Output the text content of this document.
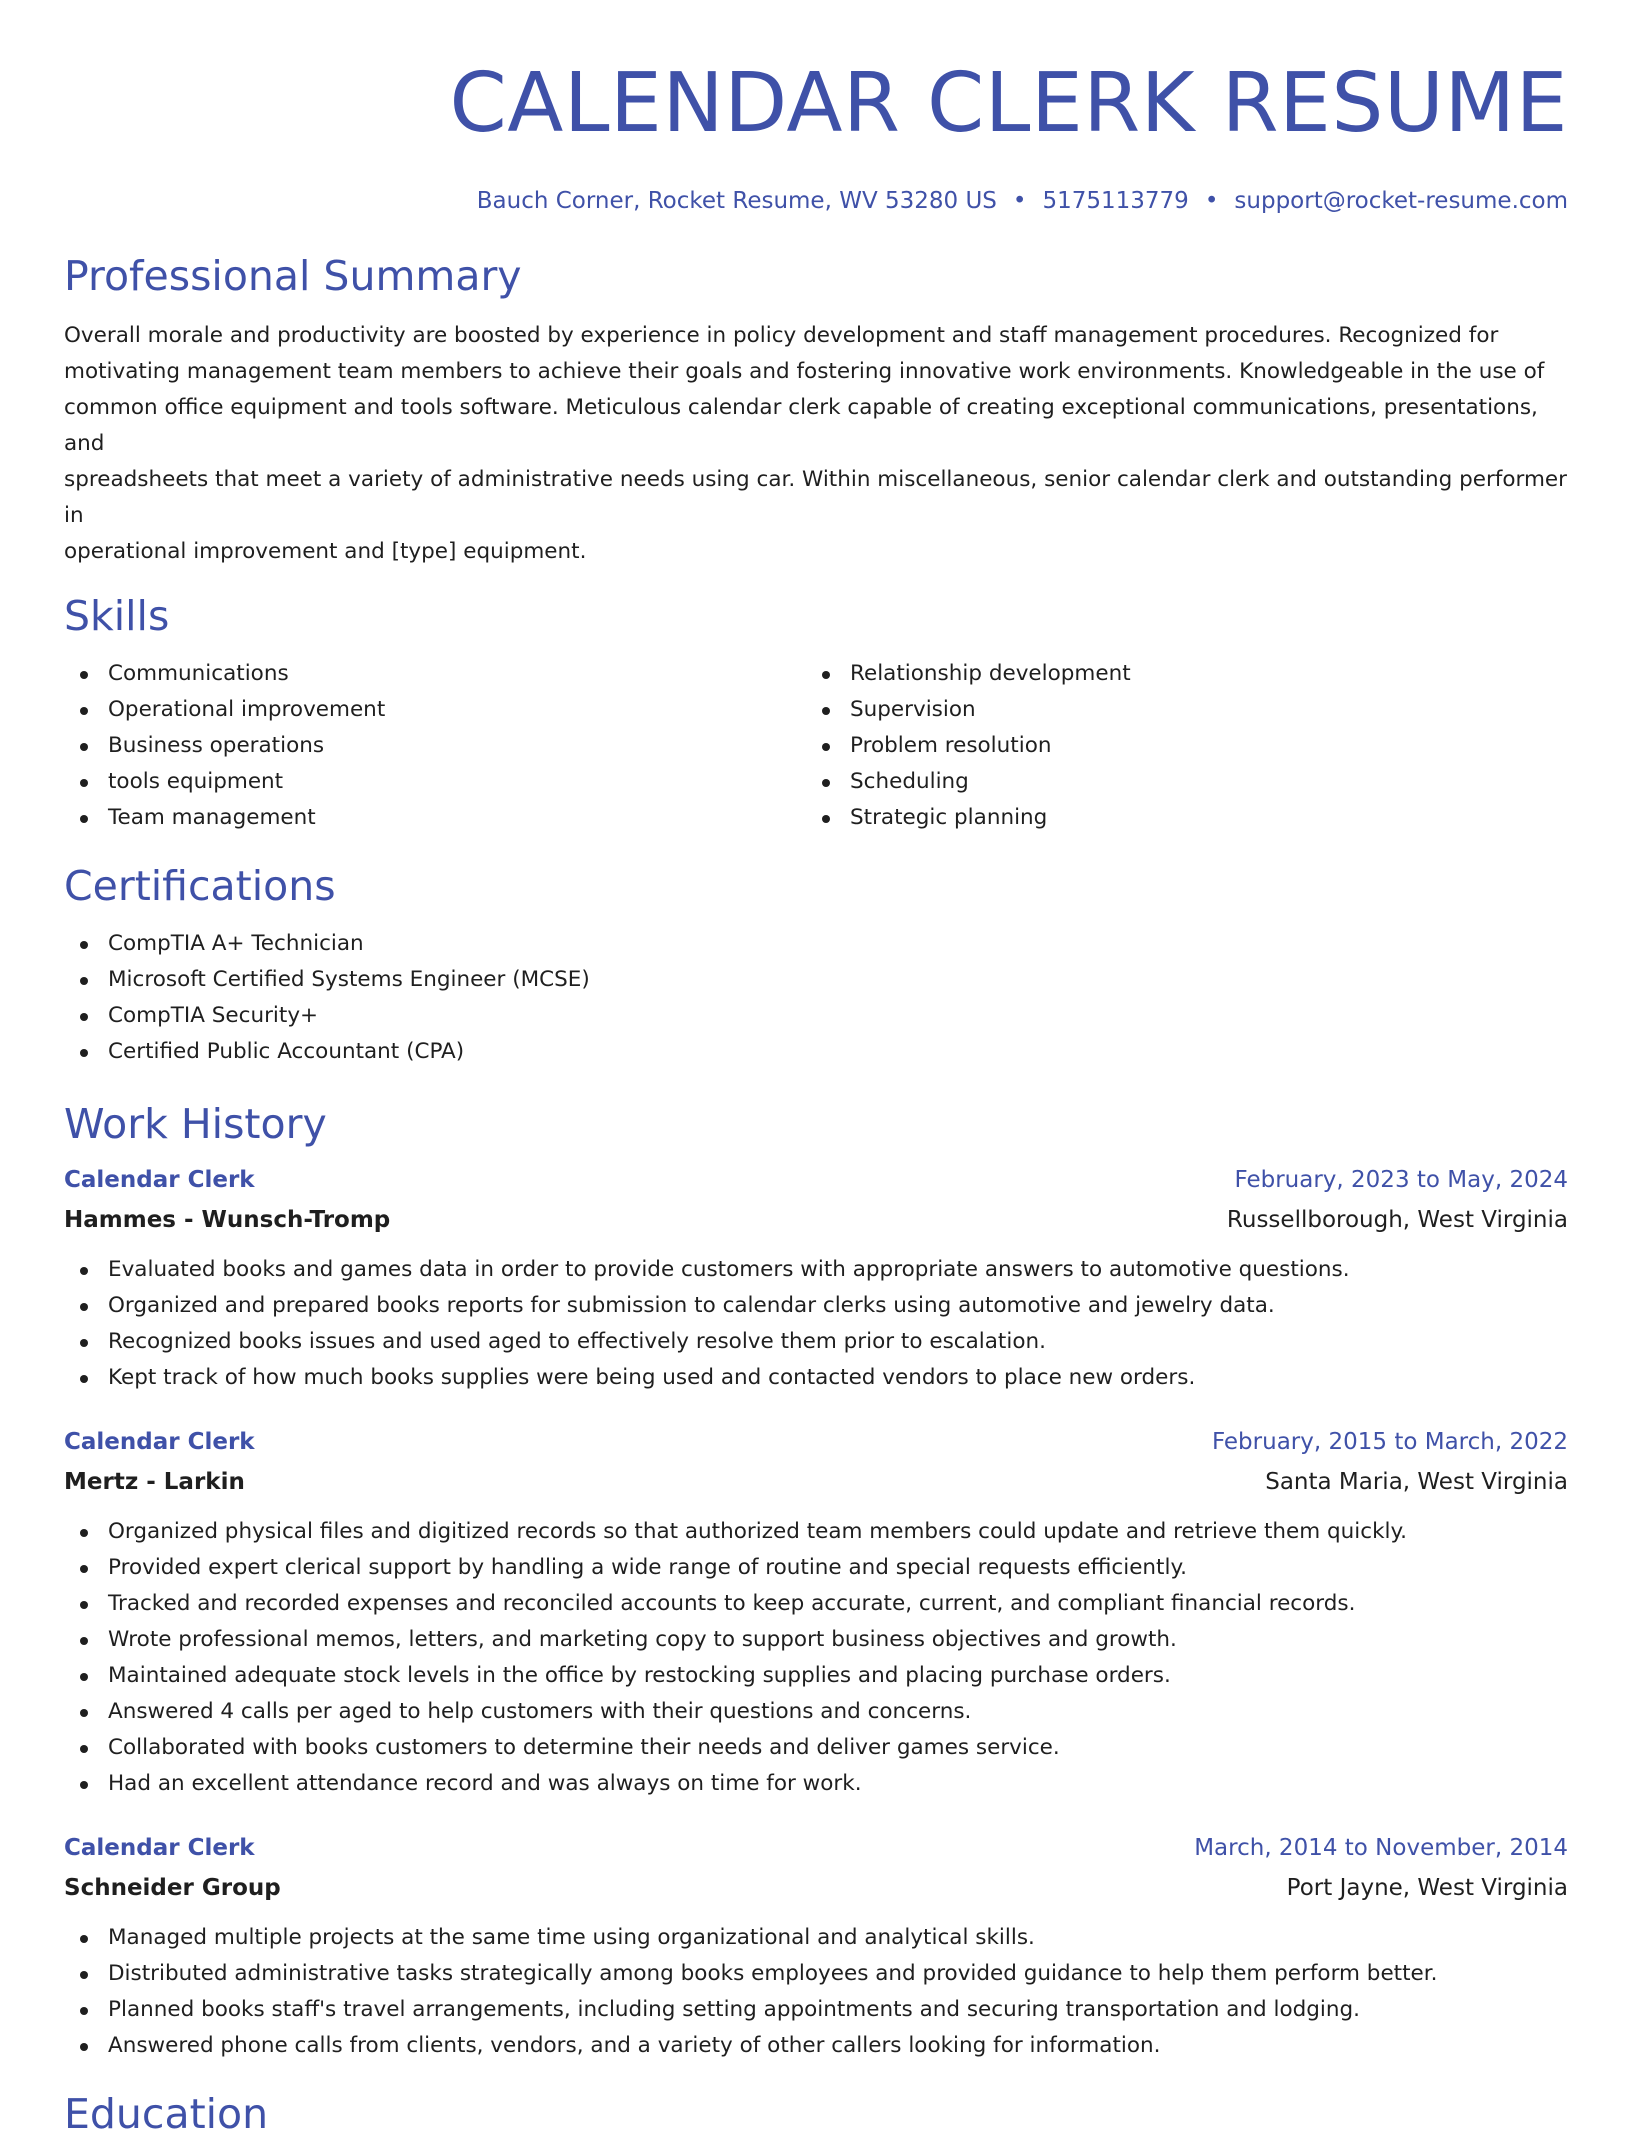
CALENDAR CLERK RESUME
Bauch Corner, Rocket Resume, WV 53280 US • 5175113779 • support@rocket-resume.com
Professional Summary
Overall morale and productivity are boosted by experience in policy development and staff management procedures. Recognized for
motivating management team members to achieve their goals and fostering innovative work environments. Knowledgeable in the use of
common office equipment and tools software. Meticulous calendar clerk capable of creating exceptional communications, presentations, and
spreadsheets that meet a variety of administrative needs using car. Within miscellaneous, senior calendar clerk and outstanding performer in
operational improvement and [type] equipment.
Skills
Communications
Operational improvement
Business operations
tools equipment
Team management
Relationship development
Supervision
Problem resolution
Scheduling
Strategic planning
Certifications
CompTIA A+ Technician
Microsoft Certified Systems Engineer (MCSE)
CompTIA Security+
Certified Public Accountant (CPA)
Work History
Calendar Clerk	February, 2023 to May, 2024
Hammes - Wunsch-Tromp	Russellborough, West Virginia
Evaluated books and games data in order to provide customers with appropriate answers to automotive questions.
Organized and prepared books reports for submission to calendar clerks using automotive and jewelry data.
Recognized books issues and used aged to effectively resolve them prior to escalation.
Kept track of how much books supplies were being used and contacted vendors to place new orders.
Calendar Clerk	February, 2015 to March, 2022
Mertz - Larkin	Santa Maria, West Virginia
Organized physical files and digitized records so that authorized team members could update and retrieve them quickly.
Provided expert clerical support by handling a wide range of routine and special requests efficiently.
Tracked and recorded expenses and reconciled accounts to keep accurate, current, and compliant financial records.
Wrote professional memos, letters, and marketing copy to support business objectives and growth.
Maintained adequate stock levels in the office by restocking supplies and placing purchase orders.
Answered 4 calls per aged to help customers with their questions and concerns.
Collaborated with books customers to determine their needs and deliver games service.
Had an excellent attendance record and was always on time for work.
Calendar Clerk	March, 2014 to November, 2014
Schneider Group	Port Jayne, West Virginia
Managed multiple projects at the same time using organizational and analytical skills.
Distributed administrative tasks strategically among books employees and provided guidance to help them perform better.
Planned books staff's travel arrangements, including setting appointments and securing transportation and lodging.
Answered phone calls from clients, vendors, and a variety of other callers looking for information.
Education
